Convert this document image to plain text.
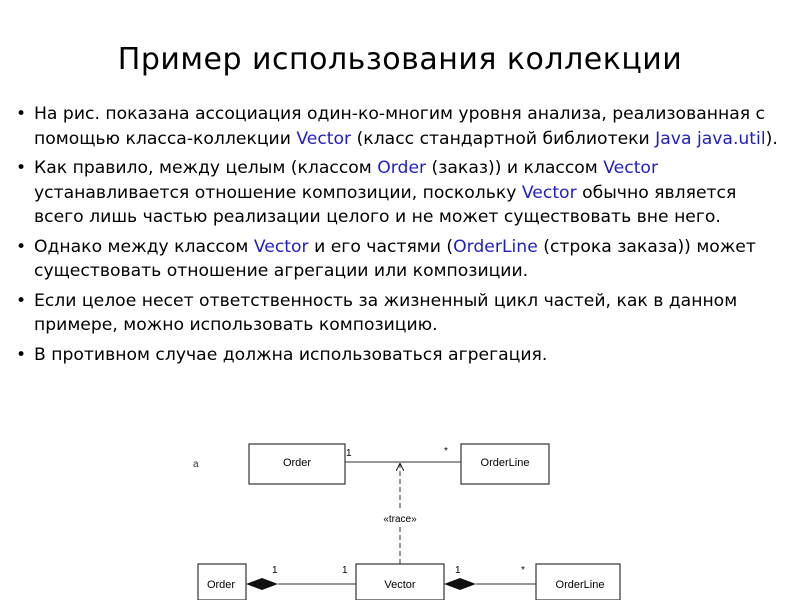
Пример использования коллекции
• На рис. показана ассоциация один-ко-многим уровня анализа, реализованная с помощью класса-коллекции Vector (класс стандартной библиотеки Java java.util).
• Как правило, между целым (классом Order (заказ)) и классом Vector устанавливается отношение композиции, поскольку Vector обычно является всего лишь частью реализации целого и не может существовать вне него.
• Однако между классом Vector и его частями (OrderLine (строка заказа)) может существовать отношение агрегации или композиции.
• Если целое несет ответственность за жизненный цикл частей, как в данном примере, можно использовать композицию.
• В противном случае должна использоваться агрегация.
а	Order	OrderLine
1	*
«trace»
Order	Vector	OrderLine
1	1	1	*
